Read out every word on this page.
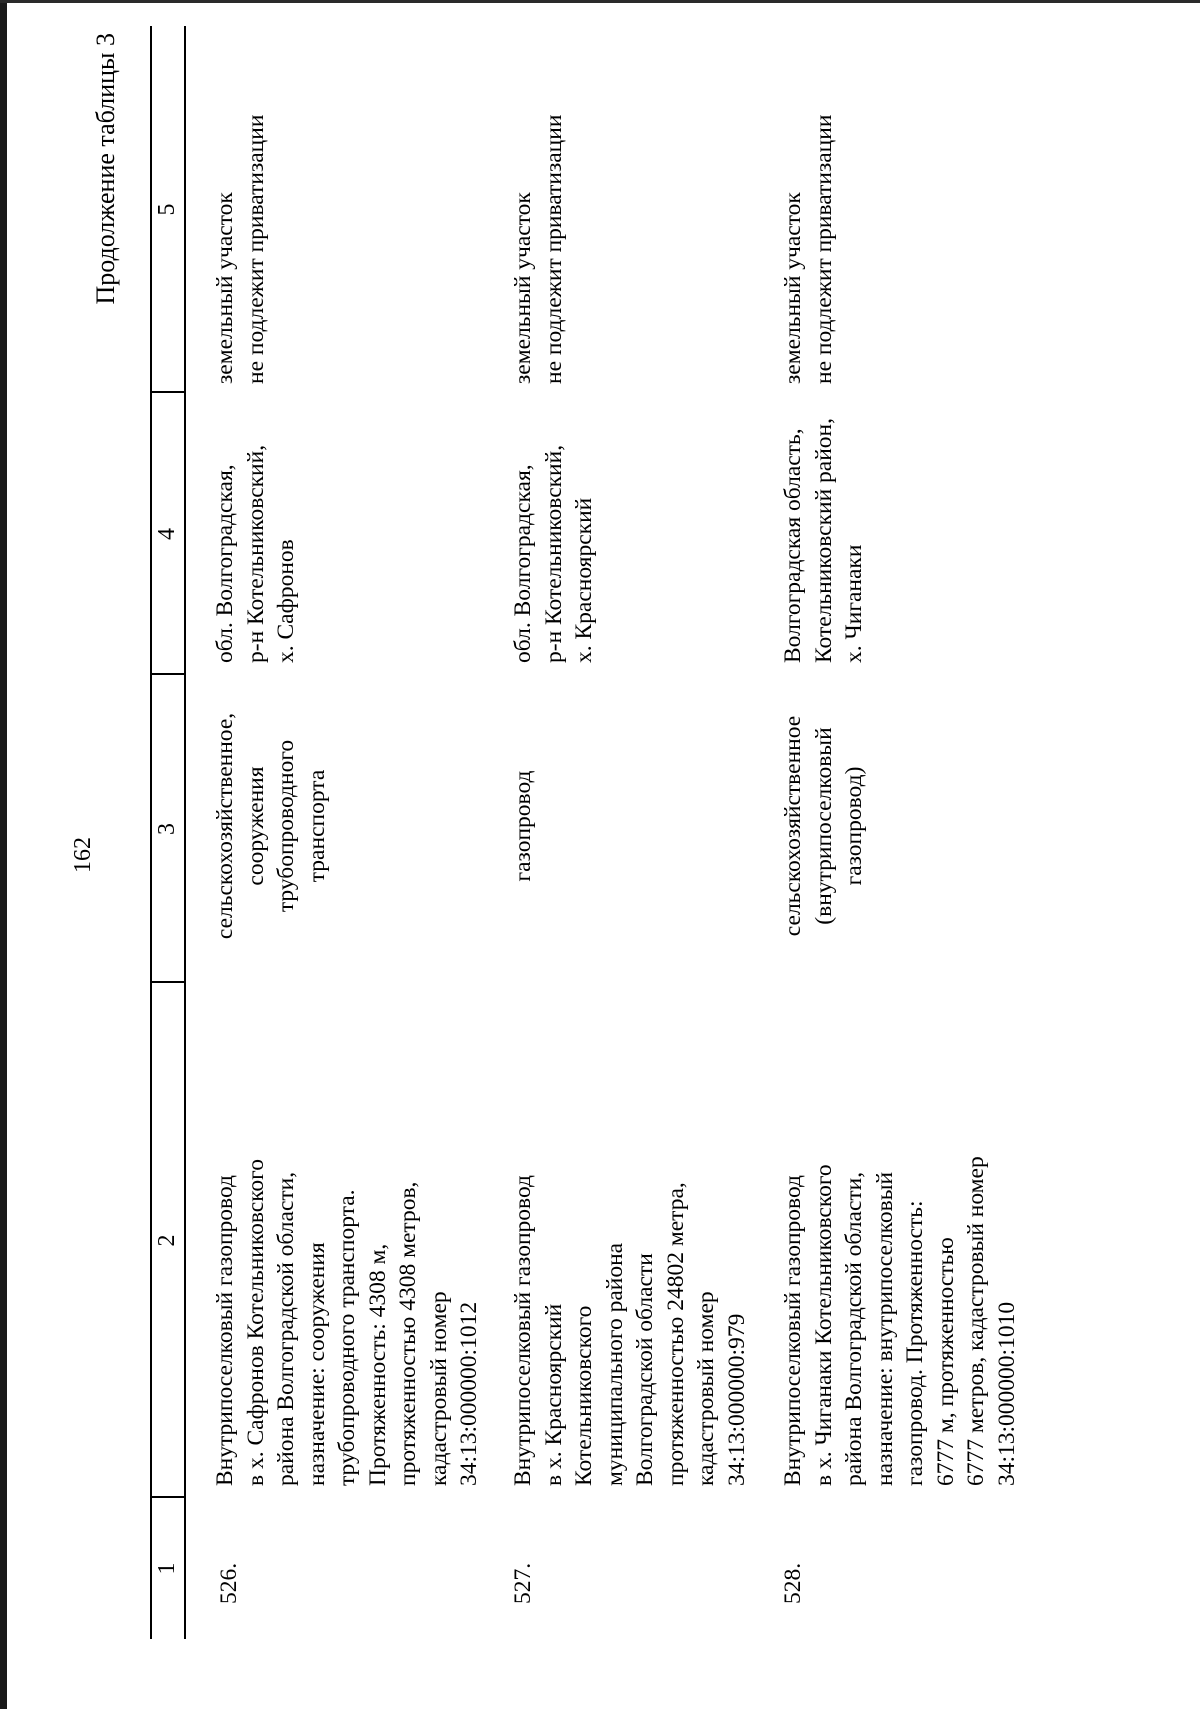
162
Продолжение таблицы 3
1
2
3
4
5
526.
Внутрипоселковый газопровод
в х. Сафронов Котельниковского
района Волгоградской области,
назначение: сооружения
трубопроводного транспорта.
Протяженность: 4308 м,
протяженностью 4308 метров,
кадастровый номер
34:13:000000:1012
сельскохозяйственное,
сооружения
трубопроводного
транспорта
обл. Волгоградская,
р-н Котельниковский,
х. Сафронов
земельный участок
не подлежит приватизации
527.
Внутрипоселковый газопровод
в х. Красноярский
Котельниковского
муниципального района
Волгоградской области
протяженностью 24802 метра,
кадастровый номер
34:13:000000:979
газопровод
обл. Волгоградская,
р-н Котельниковский,
х. Красноярский
земельный участок
не подлежит приватизации
528.
Внутрипоселковый газопровод
в х. Чиганаки Котельниковского
района Волгоградской области,
назначение: внутрипоселковый
газопровод. Протяженность:
6777 м, протяженностью
6777 метров, кадастровый номер
34:13:000000:1010
сельскохозяйственное
(внутрипоселковый
газопровод)
Волгоградская область,
Котельниковский район,
х. Чиганаки
земельный участок
не подлежит приватизации
